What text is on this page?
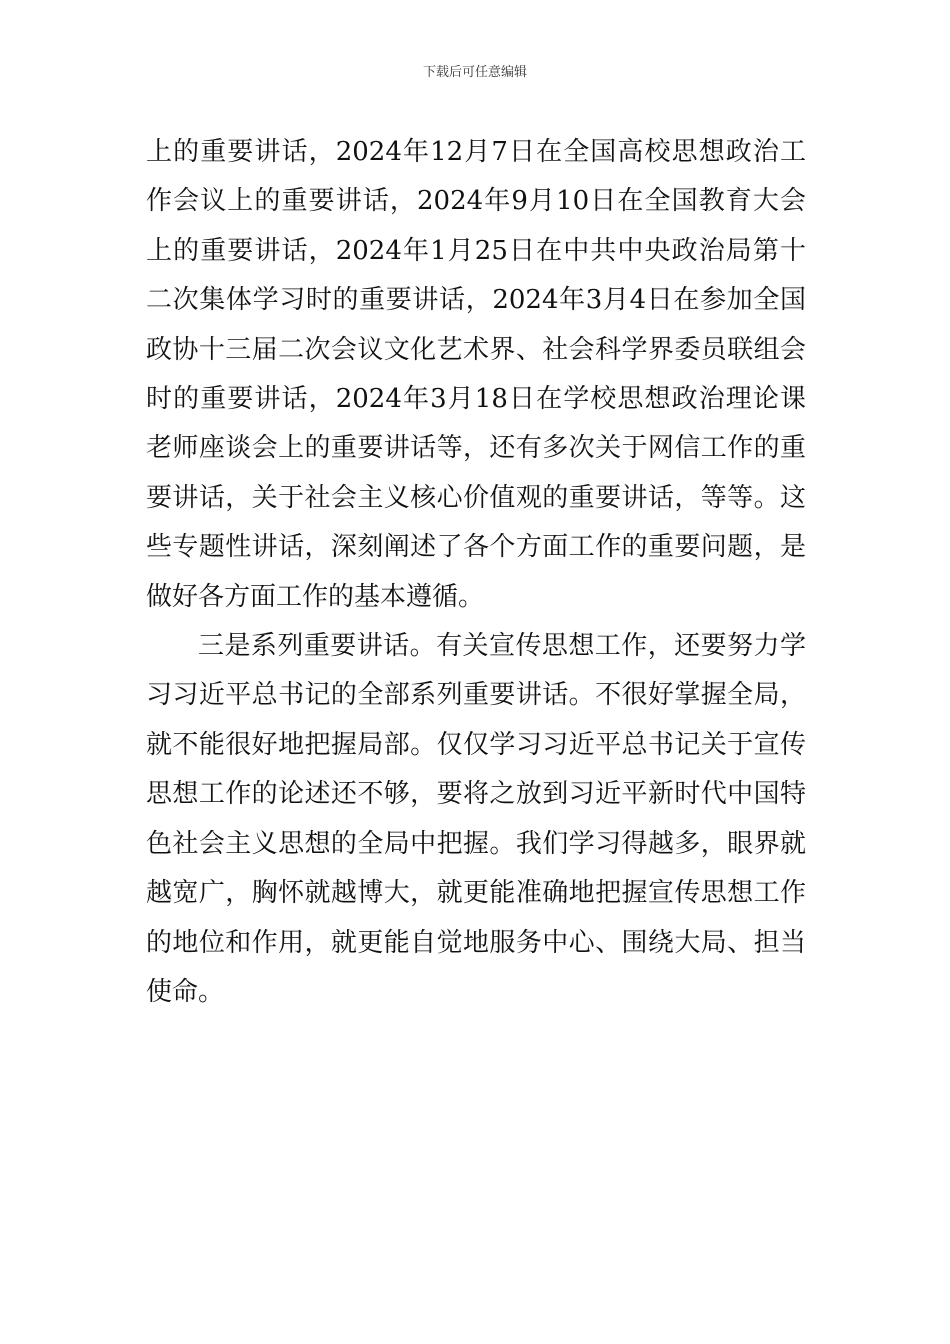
下载后可任意编辑

上的重要讲话，2024年12月7日在全国高校思想政治工作会议上的重要讲话，2024年9月10日在全国教育大会上的重要讲话，2024年1月25日在中共中央政治局第十二次集体学习时的重要讲话，2024年3月4日在参加全国政协十三届二次会议文化艺术界、社会科学界委员联组会时的重要讲话，2024年3月18日在学校思想政治理论课老师座谈会上的重要讲话等，还有多次关于网信工作的重要讲话，关于社会主义核心价值观的重要讲话，等等。这些专题性讲话，深刻阐述了各个方面工作的重要问题，是做好各方面工作的基本遵循。

三是系列重要讲话。有关宣传思想工作，还要努力学习习近平总书记的全部系列重要讲话。不很好掌握全局，就不能很好地把握局部。仅仅学习习近平总书记关于宣传思想工作的论述还不够，要将之放到习近平新时代中国特色社会主义思想的全局中把握。我们学习得越多，眼界就越宽广，胸怀就越博大，就更能准确地把握宣传思想工作的地位和作用，就更能自觉地服务中心、围绕大局、担当使命。
